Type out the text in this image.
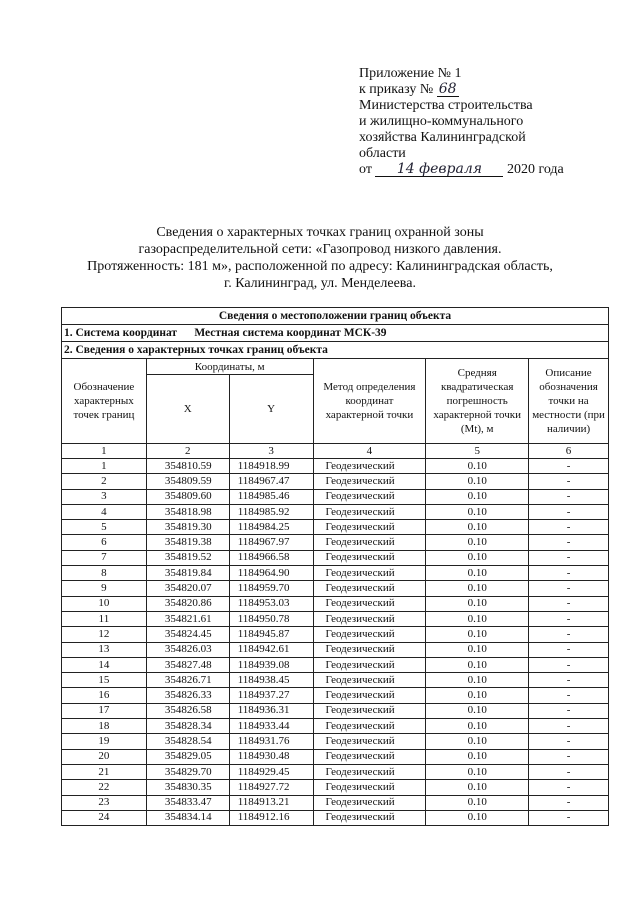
Приложение № 1
к приказу № 68
Министерства строительства
и жилищно-коммунального
хозяйства Калининградской
области
от 14 февраля 2020 года
Сведения о характерных точках границ охранной зоны
газораспределительной сети: «Газопровод низкого давления.
Протяженность: 181 м», расположенной по адресу: Калининградская область,
г. Калининград, ул. Менделеева.
Сведения о местоположении границ объекта					
1. Система координат Местная система координат МСК-39					
2. Сведения о характерных точках границ объекта					
Обозначение характерных точек границ	Координаты, м		Метод определения координат характерной точки	Средняя квадратическая погрешность характерной точки (Mt), м	Описание обозначения точки на местности (при наличии)
	X	Y			
1	2	3	4	5	6
1	354810.59	1184918.99	Геодезический	0.10	-
2	354809.59	1184967.47	Геодезический	0.10	-
3	354809.60	1184985.46	Геодезический	0.10	-
4	354818.98	1184985.92	Геодезический	0.10	-
5	354819.30	1184984.25	Геодезический	0.10	-
6	354819.38	1184967.97	Геодезический	0.10	-
7	354819.52	1184966.58	Геодезический	0.10	-
8	354819.84	1184964.90	Геодезический	0.10	-
9	354820.07	1184959.70	Геодезический	0.10	-
10	354820.86	1184953.03	Геодезический	0.10	-
11	354821.61	1184950.78	Геодезический	0.10	-
12	354824.45	1184945.87	Геодезический	0.10	-
13	354826.03	1184942.61	Геодезический	0.10	-
14	354827.48	1184939.08	Геодезический	0.10	-
15	354826.71	1184938.45	Геодезический	0.10	-
16	354826.33	1184937.27	Геодезический	0.10	-
17	354826.58	1184936.31	Геодезический	0.10	-
18	354828.34	1184933.44	Геодезический	0.10	-
19	354828.54	1184931.76	Геодезический	0.10	-
20	354829.05	1184930.48	Геодезический	0.10	-
21	354829.70	1184929.45	Геодезический	0.10	-
22	354830.35	1184927.72	Геодезический	0.10	-
23	354833.47	1184913.21	Геодезический	0.10	-
24	354834.14	1184912.16	Геодезический	0.10	-
